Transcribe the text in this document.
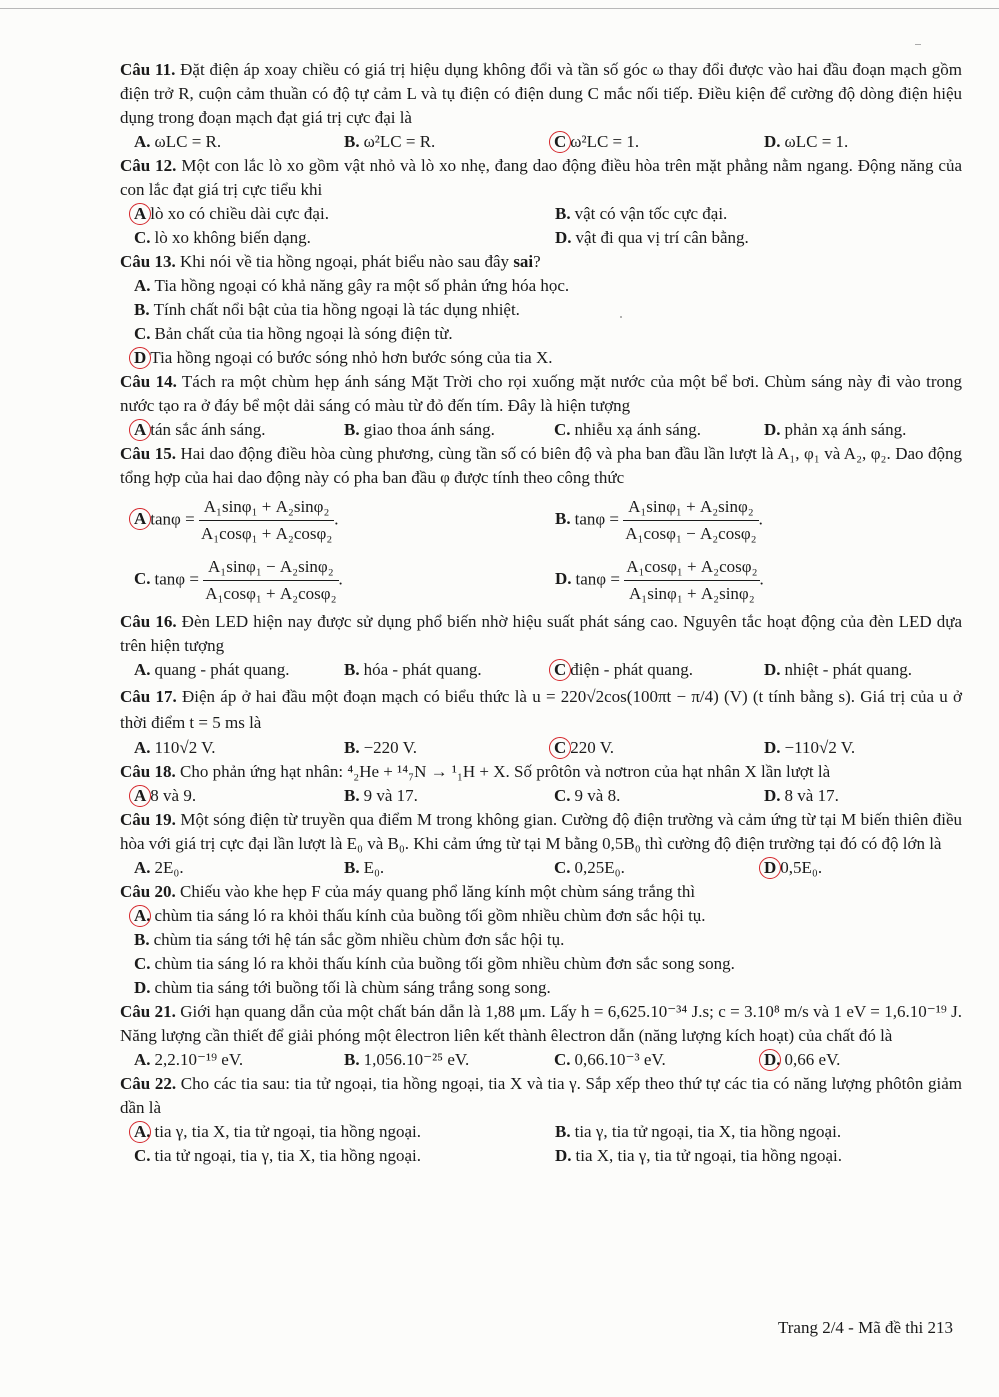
Câu 11. Đặt điện áp xoay chiều có giá trị hiệu dụng không đổi và tần số góc ω thay đổi được vào hai đầu đoạn mạch gồm điện trở R, cuộn cảm thuần có độ tự cảm L và tụ điện có điện dung C mắc nối tiếp. Điều kiện để cường độ dòng điện hiệu dụng trong đoạn mạch đạt giá trị cực đại là
A. ωLC = R.	B. ω²LC = R.	C ω²LC = 1.	D. ωLC = 1.
Câu 12. Một con lắc lò xo gồm vật nhỏ và lò xo nhẹ, đang dao động điều hòa trên mặt phẳng nằm ngang. Động năng của con lắc đạt giá trị cực tiểu khi
A lò xo có chiều dài cực đại.	B. vật có vận tốc cực đại.
C. lò xo không biến dạng.	D. vật đi qua vị trí cân bằng.
Câu 13. Khi nói về tia hồng ngoại, phát biểu nào sau đây sai?
A. Tia hồng ngoại có khả năng gây ra một số phản ứng hóa học.
B. Tính chất nổi bật của tia hồng ngoại là tác dụng nhiệt.
C. Bản chất của tia hồng ngoại là sóng điện từ.
D Tia hồng ngoại có bước sóng nhỏ hơn bước sóng của tia X.
Câu 14. Tách ra một chùm hẹp ánh sáng Mặt Trời cho rọi xuống mặt nước của một bể bơi. Chùm sáng này đi vào trong nước tạo ra ở đáy bể một dải sáng có màu từ đỏ đến tím. Đây là hiện tượng
A tán sắc ánh sáng.	B. giao thoa ánh sáng.	C. nhiễu xạ ánh sáng.	D. phản xạ ánh sáng.
Câu 15. Hai dao động điều hòa cùng phương, cùng tần số có biên độ và pha ban đầu lần lượt là A₁, φ₁ và A₂, φ₂. Dao động tổng hợp của hai dao động này có pha ban đầu φ được tính theo công thức
A $\tan\varphi = \frac{\text{A₁sinφ₁ + A₂sinφ₂}}{\text{A₁cosφ₁ + A₂cosφ₂}}$ .	B. $\tan\varphi = \frac{\text{A₁sinφ₁ + A₂sinφ₂}}{\text{A₁cosφ₁ − A₂cosφ₂}}$ .
C. $\tan\varphi = \frac{\text{A₁sinφ₁ − A₂sinφ₂}}{\text{A₁cosφ₁ + A₂cosφ₂}}$ .	D. $\tan\varphi = \frac{\text{A₁cosφ₁ + A₂cosφ₂}}{\text{A₁sinφ₁ + A₂sinφ₂}}$ .
Câu 16. Đèn LED hiện nay được sử dụng phổ biến nhờ hiệu suất phát sáng cao. Nguyên tắc hoạt động của đèn LED dựa trên hiện tượng
A. quang - phát quang.	B. hóa - phát quang.	C điện - phát quang.	D. nhiệt - phát quang.
Câu 17. Điện áp ở hai đầu một đoạn mạch có biểu thức là u = 220√2cos(100πt − π/4) (V) (t tính bằng s). Giá trị của u ở thời điểm t = 5 ms là
A. 110√2 V.	B. −220 V.	C 220 V.	D. −110√2 V.
Câu 18. Cho phản ứng hạt nhân: ⁴₂He + ¹⁴₇N → ¹₁H + X. Số prôtôn và nơtron của hạt nhân X lần lượt là
A 8 và 9.	B. 9 và 17.	C. 9 và 8.	D. 8 và 17.
Câu 19. Một sóng điện từ truyền qua điểm M trong không gian. Cường độ điện trường và cảm ứng từ tại M biến thiên điều hòa với giá trị cực đại lần lượt là E₀ và B₀. Khi cảm ứng từ tại M bằng 0,5B₀ thì cường độ điện trường tại đó có độ lớn là
A. 2E₀.	B. E₀.	C. 0,25E₀.	D 0,5E₀.
Câu 20. Chiếu vào khe hẹp F của máy quang phổ lăng kính một chùm sáng trắng thì
A. chùm tia sáng ló ra khỏi thấu kính của buồng tối gồm nhiều chùm đơn sắc hội tụ.
B. chùm tia sáng tới hệ tán sắc gồm nhiều chùm đơn sắc hội tụ.
C. chùm tia sáng ló ra khỏi thấu kính của buồng tối gồm nhiều chùm đơn sắc song song.
D. chùm tia sáng tới buồng tối là chùm sáng trắng song song.
Câu 21. Giới hạn quang dẫn của một chất bán dẫn là 1,88 μm. Lấy h = 6,625.10⁻³⁴ J.s; c = 3.10⁸ m/s và 1 eV = 1,6.10⁻¹⁹ J. Năng lượng cần thiết để giải phóng một êlectron liên kết thành êlectron dẫn (năng lượng kích hoạt) của chất đó là
A. 2,2.10⁻¹⁹ eV.	B. 1,056.10⁻²⁵ eV.	C. 0,66.10⁻³ eV.	D. 0,66 eV.
Câu 22. Cho các tia sau: tia tử ngoại, tia hồng ngoại, tia X và tia γ. Sắp xếp theo thứ tự các tia có năng lượng phôtôn giảm dần là
A. tia γ, tia X, tia tử ngoại, tia hồng ngoại.	B. tia γ, tia tử ngoại, tia X, tia hồng ngoại.
C. tia tử ngoại, tia γ, tia X, tia hồng ngoại.	D. tia X, tia γ, tia tử ngoại, tia hồng ngoại.
Trang 2/4 - Mã đề thi 213
